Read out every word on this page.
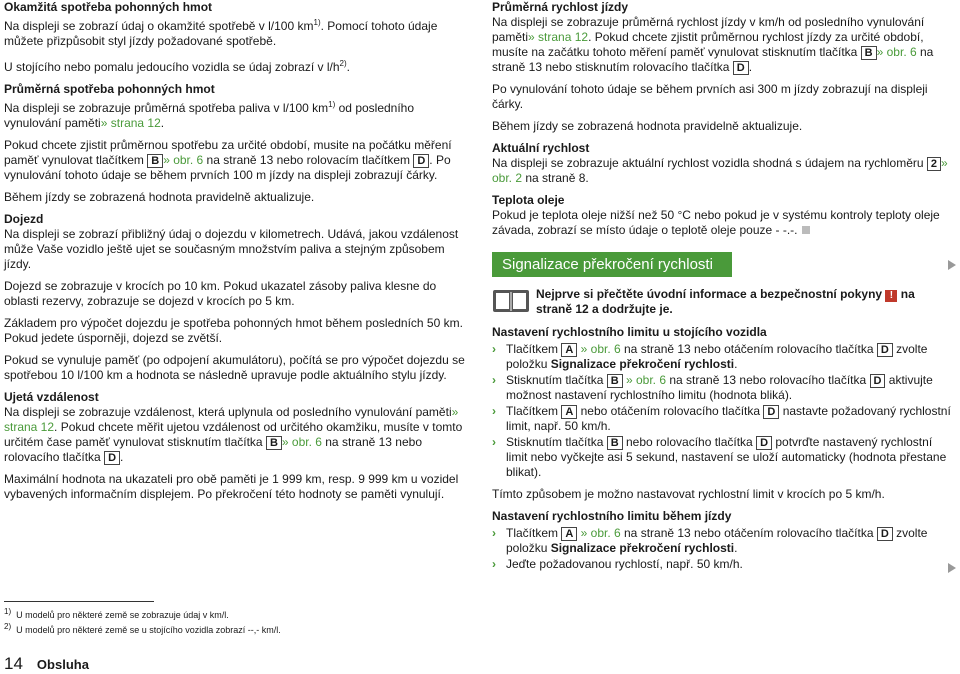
Okamžitá spotřeba pohonných hmot
Na displeji se zobrazí údaj o okamžité spotřebě v l/100 $km^{1)}$. Pomocí tohoto údaje můžete přizpůsobit styl jízdy požadované spotřebě.

U stojícího nebo pomalu jedoucího vozidla se údaj zobrazí v $l/h^{2)}$.

Průměrná spotřeba pohonných hmot
Na displeji se zobrazuje průměrná spotřeba paliva v l/100 $km^{1)}$ od posledního vynulování paměti» strana 12.

Pokud chcete zjistit průměrnou spotřebu za určité období, musite na počátku měření paměť vynulovat tlačítkem B » obr. 6 na straně 13 nebo rolovacím tlačítkem D . Po vynulování tohoto údaje se během prvních 100 m jízdy na displeji zobrazují čárky.

Během jízdy se zobrazená hodnota pravidelně aktualizuje.

Dojezd
Na displeji se zobrazí přibližný údaj o dojezdu v kilometrech. Udává, jakou vzdálenost může Vaše vozidlo ještě ujet se současným množstvím paliva a stejným způsobem jízdy.

Dojezd se zobrazuje v krocích po 10 km. Pokud ukazatel zásoby paliva klesne do oblasti rezervy, zobrazuje se dojezd v krocích po 5 km.

Základem pro výpočet dojezdu je spotřeba pohonných hmot během posledních 50 km. Pokud jedete úsporněji, dojezd se zvětší.

Pokud se vynuluje paměť (po odpojení akumulátoru), počítá se pro výpočet dojezdu se spotřebou 10 l/100 km a hodnota se následně upravuje podle aktuálního stylu jízdy.

Ujetá vzdálenost
Na displeji se zobrazuje vzdálenost, která uplynula od posledního vynulování paměti» strana 12. Pokud chcete měřit ujetou vzdálenost od určitého okamžiku, musíte v tomto určitém čase paměť vynulovat stisknutím tlačítka B » obr. 6 na straně 13 nebo rolovacího tlačítka D .

Maximální hodnota na ukazateli pro obě paměti je 1 999 km, resp. 9 999 km u vozidel vybavených informačním displejem. Po překročení této hodnoty se paměti vynulují.

Průměrná rychlost jízdy
Na displeji se zobrazuje průměrná rychlost jízdy v km/h od posledního vynulování paměti» strana 12. Pokud chcete zjistit průměrnou rychlost jízdy za určité období, musíte na začátku tohoto měření paměť vynulovat stisknutím tlačítka B » obr. 6 na straně 13 nebo stisknutím rolovacího tlačítka D .

Po vynulování tohoto údaje se během prvních asi 300 m jízdy zobrazují na displeji čárky.

Během jízdy se zobrazená hodnota pravidelně aktualizuje.

Aktuální rychlost
Na displeji se zobrazuje aktuální rychlost vozidla shodná s údajem na rychloměru 2 » obr. 2 na straně 8.

Teplota oleje
Pokud je teplota oleje nižší než 50 °C nebo pokud je v systému kontroly teploty oleje závada, zobrazí se místo údaje o teplotě oleje pouze - -.-.

Signalizace překročení rychlosti
Nejprve si přečtěte úvodní informace a bezpečnostní pokyny ! na straně 12 a dodržujte je.

Nastavení rychlostního limitu u stojícího vozidla

› Tlačítkem A » obr. 6 na straně 13 nebo otáčením rolovacího tlačítka D zvolte položku Signalizace překročení rychlosti.
› Stisknutím tlačítka B » obr. 6 na straně 13 nebo rolovacího tlačítka D aktivujte možnost nastavení rychlostního limitu (hodnota bliká).
› Tlačítkem A nebo otáčením rolovacího tlačítka D nastavte požadovaný rychlostní limit, např. 50 km/h.
› Stisknutím tlačítka B nebo rolovacího tlačítka D potvrďte nastavený rychlostní limit nebo vyčkejte asi 5 sekund, nastavení se uloží automaticky (hodnota přestane blikat).

Tímto způsobem je možno nastavovat rychlostní limit v krocích po 5 km/h.

Nastavení rychlostního limitu během jízdy

› Tlačítkem A » obr. 6 na straně 13 nebo otáčením rolovacího tlačítka D zvolte položku Signalizace překročení rychlosti.
› Jeďte požadovanou rychlostí, např. 50 km/h.
$^{1)}$ U modelů pro některé země se zobrazuje údaj v km/l.
$^{2)}$ U modelů pro některé země se u stojícího vozidla zobrazí --,- km/l.
14 Obsluha
